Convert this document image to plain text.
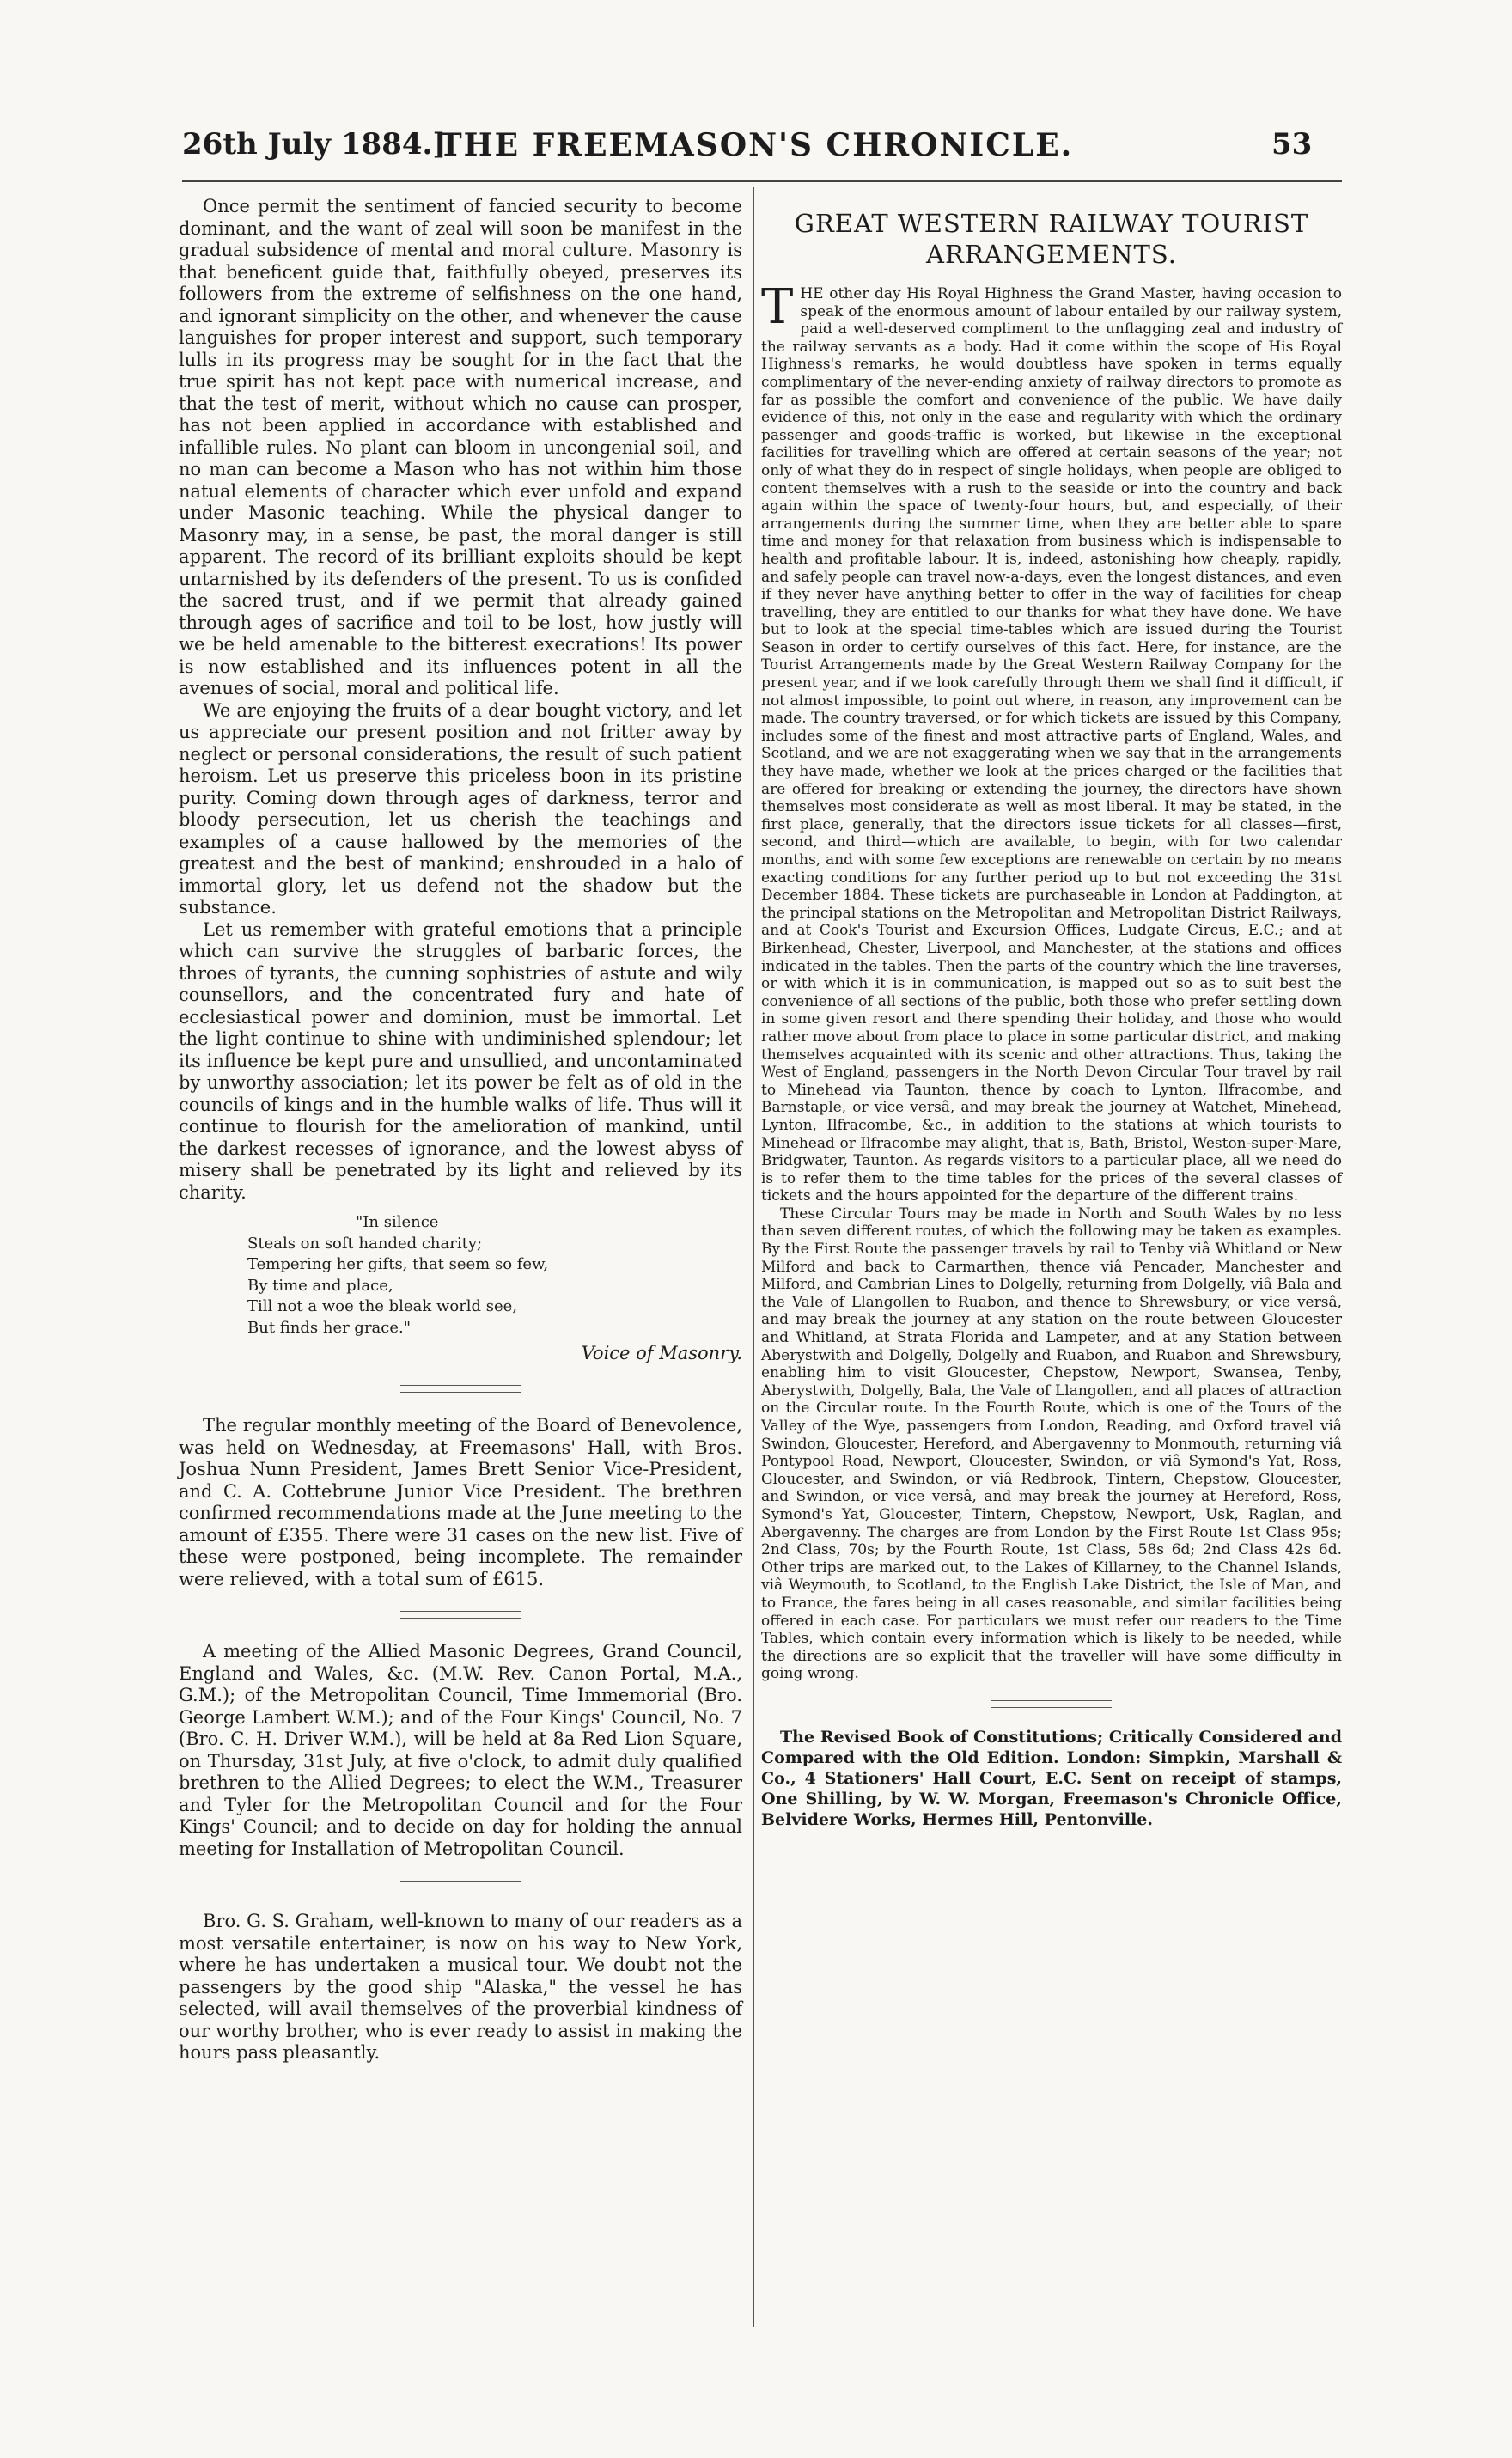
26th July 1884.]
THE FREEMASON'S CHRONICLE.	53

Once permit the sentiment of fancied security to become dominant, and the want of zeal will soon be manifest in the gradual subsidence of mental and moral culture. Masonry is that beneficent guide that, faithfully obeyed, preserves its followers from the extreme of selfishness on the one hand, and ignorant simplicity on the other, and whenever the cause languishes for proper interest and support, such temporary lulls in its progress may be sought for in the fact that the true spirit has not kept pace with numerical increase, and that the test of merit, without which no cause can prosper, has not been applied in accordance with established and infallible rules. No plant can bloom in uncongenial soil, and no man can become a Mason who has not within him those natual elements of character which ever unfold and expand under Masonic teaching. While the physical danger to Masonry may, in a sense, be past, the moral danger is still apparent. The record of its brilliant exploits should be kept untarnished by its defenders of the present. To us is confided the sacred trust, and if we permit that already gained through ages of sacrifice and toil to be lost, how justly will we be held amenable to the bitterest execrations! Its power is now established and its influences potent in all the avenues of social, moral and political life.

We are enjoying the fruits of a dear bought victory, and let us appreciate our present position and not fritter away by neglect or personal considerations, the result of such patient heroism. Let us preserve this priceless boon in its pristine purity. Coming down through ages of darkness, terror and bloody persecution, let us cherish the teachings and examples of a cause hallowed by the memories of the greatest and the best of mankind; enshrouded in a halo of immortal glory, let us defend not the shadow but the substance.

Let us remember with grateful emotions that a principle which can survive the struggles of barbaric forces, the throes of tyrants, the cunning sophistries of astute and wily counsellors, and the concentrated fury and hate of ecclesiastical power and dominion, must be immortal. Let the light continue to shine with undiminished splendour; let its influence be kept pure and unsullied, and uncontaminated by unworthy association; let its power be felt as of old in the councils of kings and in the humble walks of life. Thus will it continue to flourish for the amelioration of mankind, until the darkest recesses of ignorance, and the lowest abyss of misery shall be penetrated by its light and relieved by its charity.

"In silence
Steals on soft handed charity;
Tempering her gifts, that seem so few,
By time and place,
Till not a woe the bleak world see,
But finds her grace."
Voice of Masonry.

The regular monthly meeting of the Board of Benevolence, was held on Wednesday, at Freemasons' Hall, with Bros. Joshua Nunn President, James Brett Senior Vice-President, and C. A. Cottebrune Junior Vice President. The brethren confirmed recommendations made at the June meeting to the amount of £355. There were 31 cases on the new list. Five of these were postponed, being incomplete. The remainder were relieved, with a total sum of £615.

A meeting of the Allied Masonic Degrees, Grand Council, England and Wales, &c. (M.W. Rev. Canon Portal, M.A., G.M.); of the Metropolitan Council, Time Immemorial (Bro. George Lambert W.M.); and of the Four Kings' Council, No. 7 (Bro. C. H. Driver W.M.), will be held at 8a Red Lion Square, on Thursday, 31st July, at five o'clock, to admit duly qualified brethren to the Allied Degrees; to elect the W.M., Treasurer and Tyler for the Metropolitan Council and for the Four Kings' Council; and to decide on day for holding the annual meeting for Installation of Metropolitan Council.

Bro. G. S. Graham, well-known to many of our readers as a most versatile entertainer, is now on his way to New York, where he has undertaken a musical tour. We doubt not the passengers by the good ship "Alaska," the vessel he has selected, will avail themselves of the proverbial kindness of our worthy brother, who is ever ready to assist in making the hours pass pleasantly.

GREAT WESTERN RAILWAY TOURIST ARRANGEMENTS.

THE other day His Royal Highness the Grand Master, having occasion to speak of the enormous amount of labour entailed by our railway system, paid a well-deserved compliment to the unflagging zeal and industry of the railway servants as a body. Had it come within the scope of His Royal Highness's remarks, he would doubtless have spoken in terms equally complimentary of the never-ending anxiety of railway directors to promote as far as possible the comfort and convenience of the public. We have daily evidence of this, not only in the ease and regularity with which the ordinary passenger and goods-traffic is worked, but likewise in the exceptional facilities for travelling which are offered at certain seasons of the year; not only of what they do in respect of single holidays, when people are obliged to content themselves with a rush to the seaside or into the country and back again within the space of twenty-four hours, but, and especially, of their arrangements during the summer time, when they are better able to spare time and money for that relaxation from business which is indispensable to health and profitable labour. It is, indeed, astonishing how cheaply, rapidly, and safely people can travel now-a-days, even the longest distances, and even if they never have anything better to offer in the way of facilities for cheap travelling, they are entitled to our thanks for what they have done. We have but to look at the special time-tables which are issued during the Tourist Season in order to certify ourselves of this fact. Here, for instance, are the Tourist Arrangements made by the Great Western Railway Company for the present year, and if we look carefully through them we shall find it difficult, if not almost impossible, to point out where, in reason, any improvement can be made. The country traversed, or for which tickets are issued by this Company, includes some of the finest and most attractive parts of England, Wales, and Scotland, and we are not exaggerating when we say that in the arrangements they have made, whether we look at the prices charged or the facilities that are offered for breaking or extending the journey, the directors have shown themselves most considerate as well as most liberal. It may be stated, in the first place, generally, that the directors issue tickets for all classes—first, second, and third—which are available, to begin, with for two calendar months, and with some few exceptions are renewable on certain by no means exacting conditions for any further period up to but not exceeding the 31st December 1884. These tickets are purchaseable in London at Paddington, at the principal stations on the Metropolitan and Metropolitan District Railways, and at Cook's Tourist and Excursion Offices, Ludgate Circus, E.C.; and at Birkenhead, Chester, Liverpool, and Manchester, at the stations and offices indicated in the tables. Then the parts of the country which the line traverses, or with which it is in communication, is mapped out so as to suit best the convenience of all sections of the public, both those who prefer settling down in some given resort and there spending their holiday, and those who would rather move about from place to place in some particular district, and making themselves acquainted with its scenic and other attractions. Thus, taking the West of England, passengers in the North Devon Circular Tour travel by rail to Minehead via Taunton, thence by coach to Lynton, Ilfracombe, and Barnstaple, or vice versâ, and may break the journey at Watchet, Minehead, Lynton, Ilfracombe, &c., in addition to the stations at which tourists to Minehead or Ilfracombe may alight, that is, Bath, Bristol, Weston-super-Mare, Bridgwater, Taunton. As regards visitors to a particular place, all we need do is to refer them to the time tables for the prices of the several classes of tickets and the hours appointed for the departure of the different trains.

These Circular Tours may be made in North and South Wales by no less than seven different routes, of which the following may be taken as examples. By the First Route the passenger travels by rail to Tenby viâ Whitland or New Milford and back to Carmarthen, thence viâ Pencader, Manchester and Milford, and Cambrian Lines to Dolgelly, returning from Dolgelly, viâ Bala and the Vale of Llangollen to Ruabon, and thence to Shrewsbury, or vice versâ, and may break the journey at any station on the route between Gloucester and Whitland, at Strata Florida and Lampeter, and at any Station between Aberystwith and Dolgelly, Dolgelly and Ruabon, and Ruabon and Shrewsbury, enabling him to visit Gloucester, Chepstow, Newport, Swansea, Tenby, Aberystwith, Dolgelly, Bala, the Vale of Llangollen, and all places of attraction on the Circular route. In the Fourth Route, which is one of the Tours of the Valley of the Wye, passengers from London, Reading, and Oxford travel viâ Swindon, Gloucester, Hereford, and Abergavenny to Monmouth, returning viâ Pontypool Road, Newport, Gloucester, Swindon, or viâ Symond's Yat, Ross, Gloucester, and Swindon, or viâ Redbrook, Tintern, Chepstow, Gloucester, and Swindon, or vice versâ, and may break the journey at Hereford, Ross, Symond's Yat, Gloucester, Tintern, Chepstow, Newport, Usk, Raglan, and Abergavenny. The charges are from London by the First Route 1st Class 95s; 2nd Class, 70s; by the Fourth Route, 1st Class, 58s 6d; 2nd Class 42s 6d. Other trips are marked out, to the Lakes of Killarney, to the Channel Islands, viâ Weymouth, to Scotland, to the English Lake District, the Isle of Man, and to France, the fares being in all cases reasonable, and similar facilities being offered in each case. For particulars we must refer our readers to the Time Tables, which contain every information which is likely to be needed, while the directions are so explicit that the traveller will have some difficulty in going wrong.

The Revised Book of Constitutions; Critically Considered and Compared with the Old Edition. London: Simpkin, Marshall & Co., 4 Stationers' Hall Court, E.C. Sent on receipt of stamps, One Shilling, by W. W. Morgan, Freemason's Chronicle Office, Belvidere Works, Hermes Hill, Pentonville.
